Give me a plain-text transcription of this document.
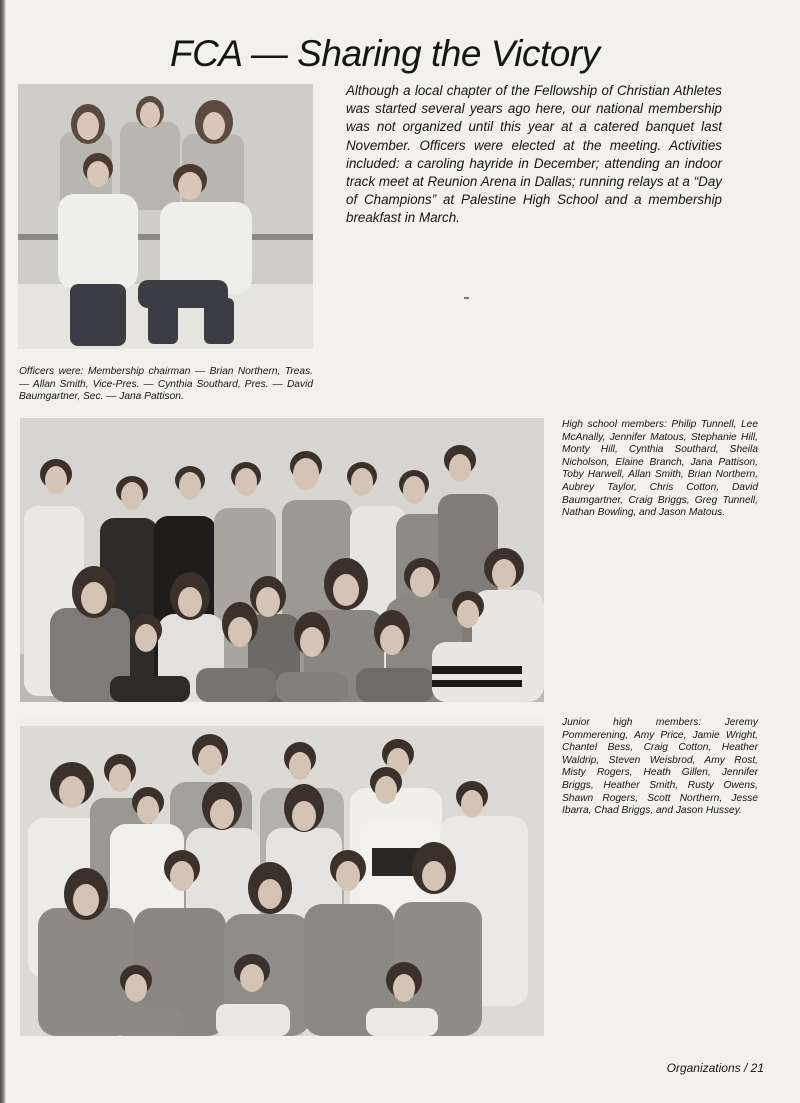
FCA — Sharing the Victory

Although a local chapter of the Fellowship of Christian Athletes was started several years ago here, our national membership was not organized until this year at a catered banquet last November. Officers were elected at the meeting. Activities included: a caroling hayride in December; attending an indoor track meet at Reunion Arena in Dallas; running relays at a “Day of Champions” at Palestine High School and a membership breakfast in March.

Officers were: Membership chairman — Brian Northern, Treas. — Allan Smith, Vice-Pres. — Cynthia Southard, Pres. — David Baumgartner, Sec. — Jana Pattison.
High school members: Philip Tunnell, Lee McAnally, Jennifer Matous, Stephanie Hill, Monty Hill, Cynthia Southard, Sheila Nicholson, Elaine Branch, Jana Pattison, Toby Harwell, Allan Smith, Brian Northern, Aubrey Taylor, Chris Cotton, David Baumgartner, Craig Briggs, Greg Tunnell, Nathan Bowling, and Jason Matous.
Junior high members: Jeremy Pommerening, Amy Price, Jamie Wright, Chantel Bess, Craig Cotton, Heather Waldrip, Steven Weisbrod, Amy Rost, Misty Rogers, Heath Gillen, Jennifer Briggs, Heather Smith, Rusty Owens, Shawn Rogers, Scott Northern, Jesse Ibarra, Chad Briggs, and Jason Hussey.
Organizations / 21
